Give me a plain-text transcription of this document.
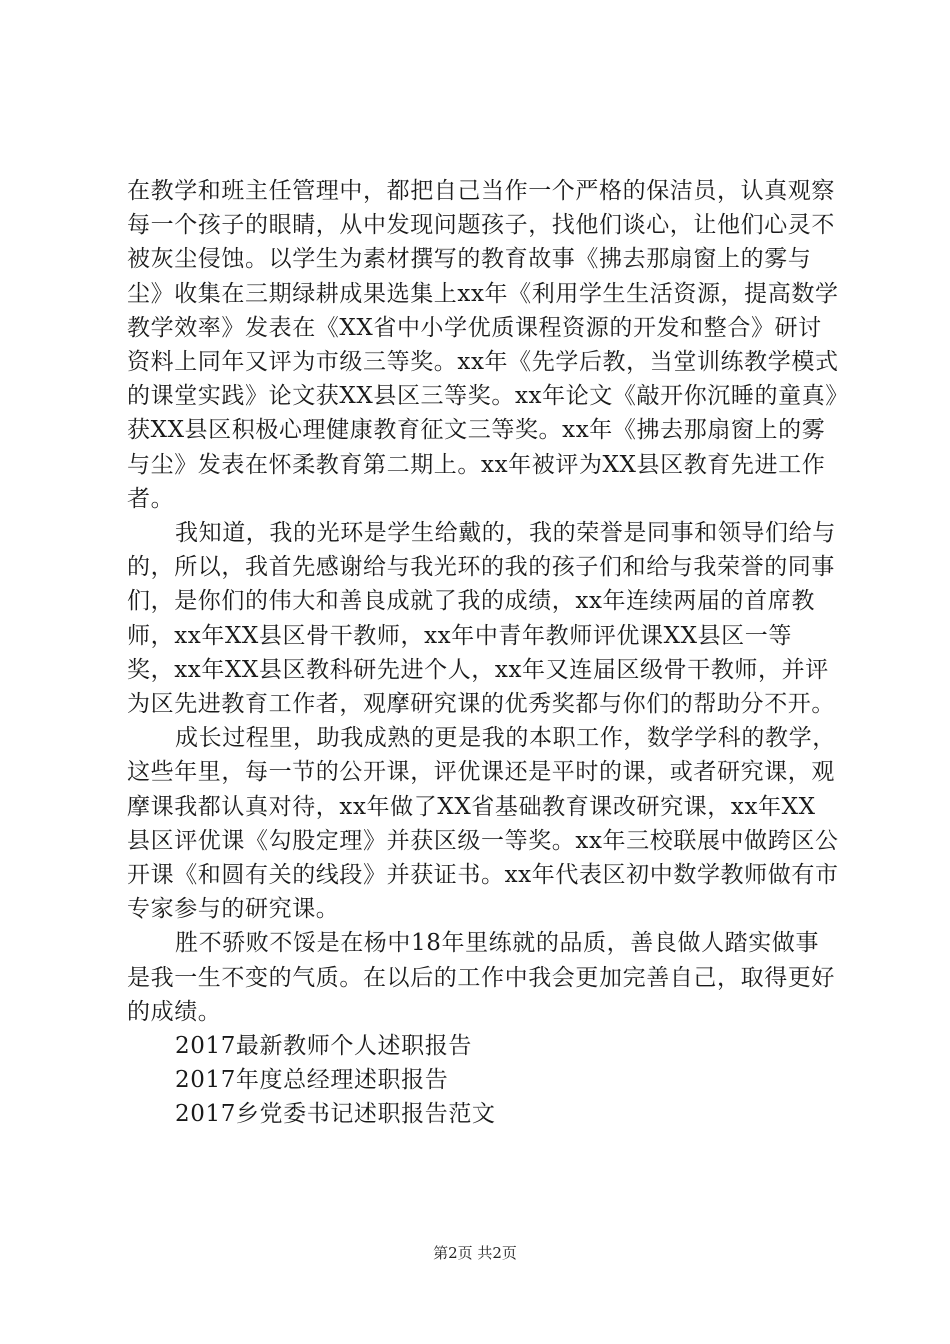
在教学和班主任管理中，都把自己当作一个严格的保洁员，认真观察每一个孩子的眼睛，从中发现问题孩子，找他们谈心，让他们心灵不被灰尘侵蚀。以学生为素材撰写的教育故事《拂去那扇窗上的雾与尘》收集在三期绿耕成果选集上xx年《利用学生生活资源，提高数学教学效率》发表在《XX省中小学优质课程资源的开发和整合》研讨资料上同年又评为市级三等奖。xx年《先学后教，当堂训练教学模式的课堂实践》论文获XX县区三等奖。xx年论文《敲开你沉睡的童真》获XX县区积极心理健康教育征文三等奖。xx年《拂去那扇窗上的雾与尘》发表在怀柔教育第二期上。xx年被评为XX县区教育先进工作者。

我知道，我的光环是学生给戴的，我的荣誉是同事和领导们给与的，所以，我首先感谢给与我光环的我的孩子们和给与我荣誉的同事们，是你们的伟大和善良成就了我的成绩，xx年连续两届的首席教师，xx年XX县区骨干教师，xx年中青年教师评优课XX县区一等奖，xx年XX县区教科研先进个人，xx年又连届区级骨干教师，并评为区先进教育工作者，观摩研究课的优秀奖都与你们的帮助分不开。

成长过程里，助我成熟的更是我的本职工作，数学学科的教学，这些年里，每一节的公开课，评优课还是平时的课，或者研究课，观摩课我都认真对待，xx年做了XX省基础教育课改研究课，xx年XX县区评优课《勾股定理》并获区级一等奖。xx年三校联展中做跨区公开课《和圆有关的线段》并获证书。xx年代表区初中数学教师做有市专家参与的研究课。

胜不骄败不馁是在杨中18年里练就的品质，善良做人踏实做事是我一生不变的气质。在以后的工作中我会更加完善自己，取得更好的成绩。

2017最新教师个人述职报告
2017年度总经理述职报告
2017乡党委书记述职报告范文
第2页 共2页
